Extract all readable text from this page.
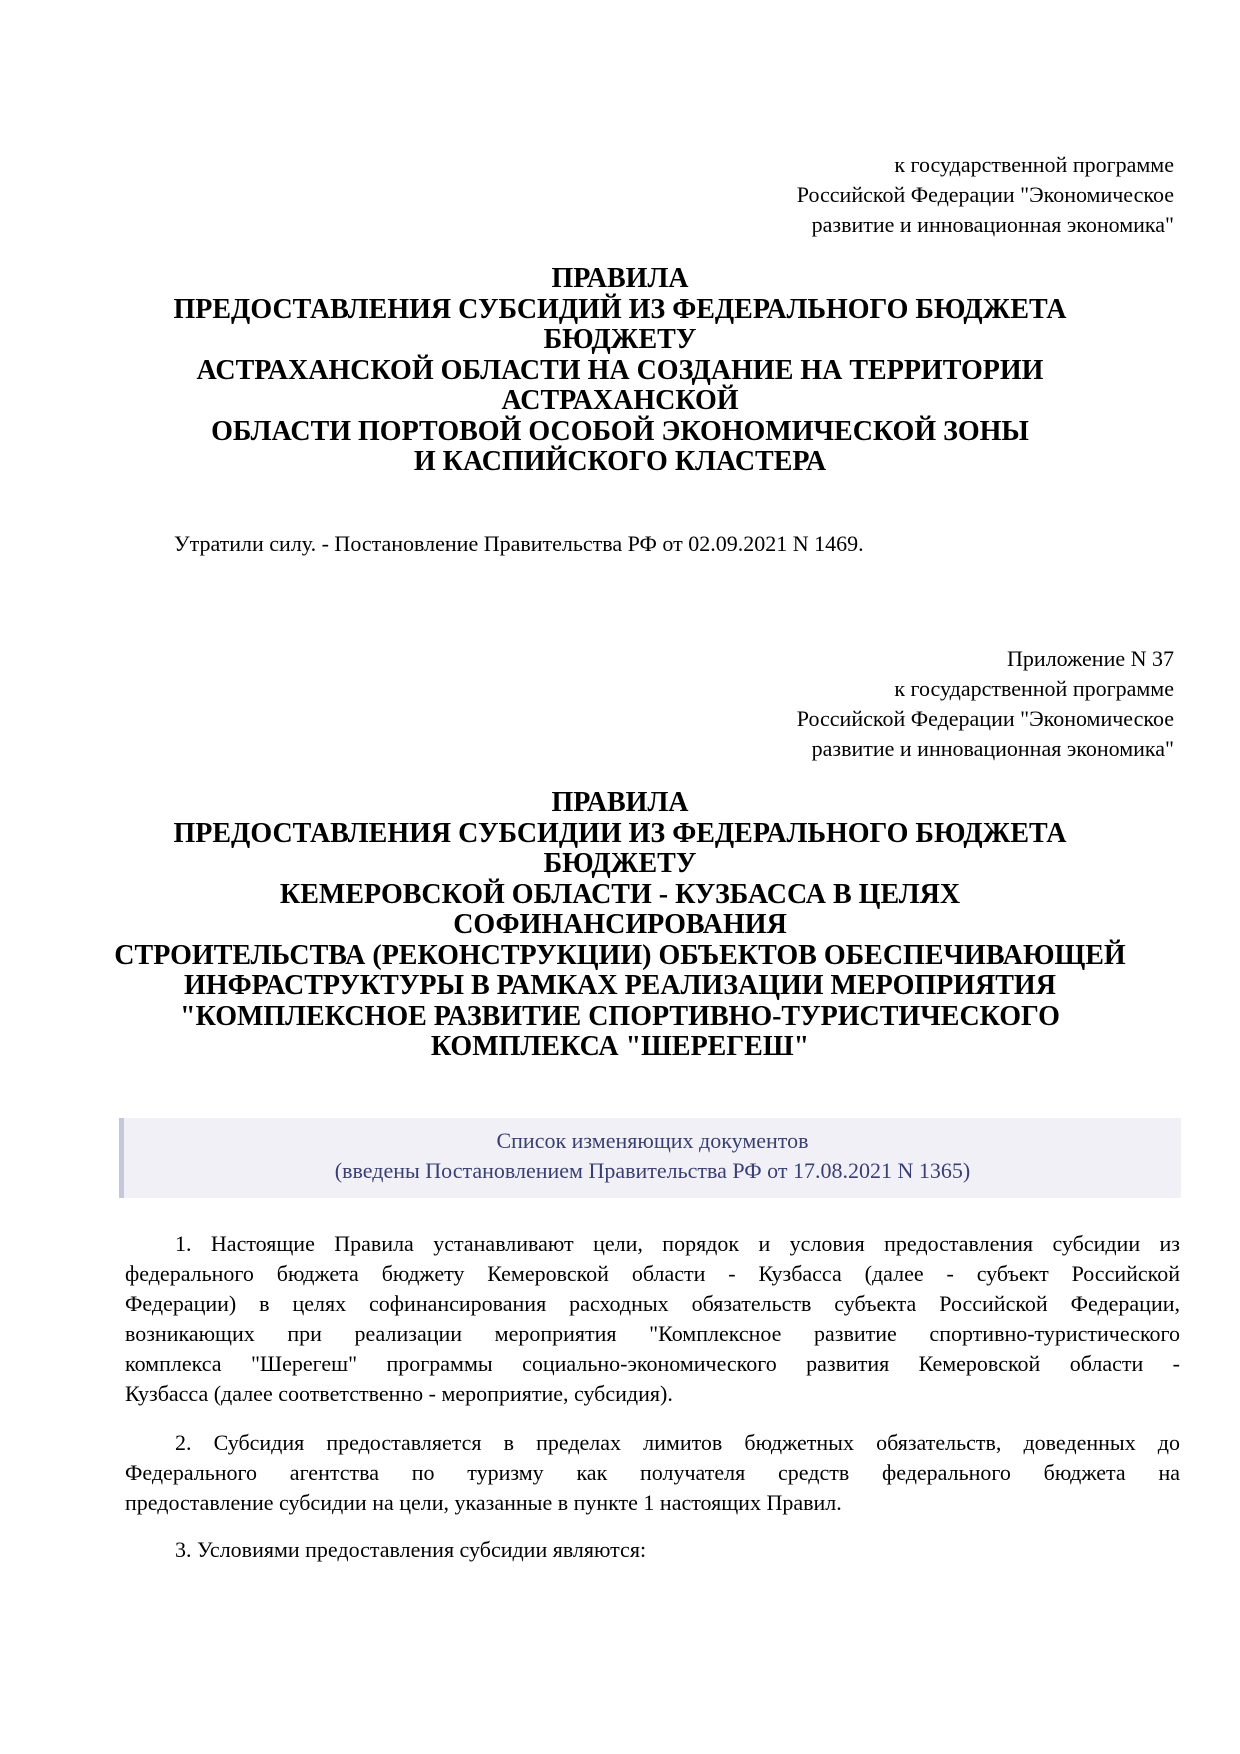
к государственной программе
Российской Федерации "Экономическое
развитие и инновационная экономика"
ПРАВИЛА
ПРЕДОСТАВЛЕНИЯ СУБСИДИЙ ИЗ ФЕДЕРАЛЬНОГО БЮДЖЕТА
БЮДЖЕТУ
АСТРАХАНСКОЙ ОБЛАСТИ НА СОЗДАНИЕ НА ТЕРРИТОРИИ
АСТРАХАНСКОЙ
ОБЛАСТИ ПОРТОВОЙ ОСОБОЙ ЭКОНОМИЧЕСКОЙ ЗОНЫ
И КАСПИЙСКОГО КЛАСТЕРА
Утратили силу. - Постановление Правительства РФ от 02.09.2021 N 1469.
Приложение N 37
к государственной программе
Российской Федерации "Экономическое
развитие и инновационная экономика"
ПРАВИЛА
ПРЕДОСТАВЛЕНИЯ СУБСИДИИ ИЗ ФЕДЕРАЛЬНОГО БЮДЖЕТА
БЮДЖЕТУ
КЕМЕРОВСКОЙ ОБЛАСТИ - КУЗБАССА В ЦЕЛЯХ
СОФИНАНСИРОВАНИЯ
СТРОИТЕЛЬСТВА (РЕКОНСТРУКЦИИ) ОБЪЕКТОВ ОБЕСПЕЧИВАЮЩЕЙ
ИНФРАСТРУКТУРЫ В РАМКАХ РЕАЛИЗАЦИИ МЕРОПРИЯТИЯ
"КОМПЛЕКСНОЕ РАЗВИТИЕ СПОРТИВНО-ТУРИСТИЧЕСКОГО
КОМПЛЕКСА "ШЕРЕГЕШ"
Список изменяющих документов
(введены Постановлением Правительства РФ от 17.08.2021 N 1365)
1. Настоящие Правила устанавливают цели, порядок и условия предоставления субсидии из
федерального бюджета бюджету Кемеровской области - Кузбасса (далее - субъект Российской
Федерации) в целях софинансирования расходных обязательств субъекта Российской Федерации,
возникающих при реализации мероприятия "Комплексное развитие спортивно-туристического
комплекса "Шерегеш" программы социально-экономического развития Кемеровской области -
Кузбасса (далее соответственно - мероприятие, субсидия).
2. Субсидия предоставляется в пределах лимитов бюджетных обязательств, доведенных до
Федерального агентства по туризму как получателя средств федерального бюджета на
предоставление субсидии на цели, указанные в пункте 1 настоящих Правил.
3. Условиями предоставления субсидии являются:
